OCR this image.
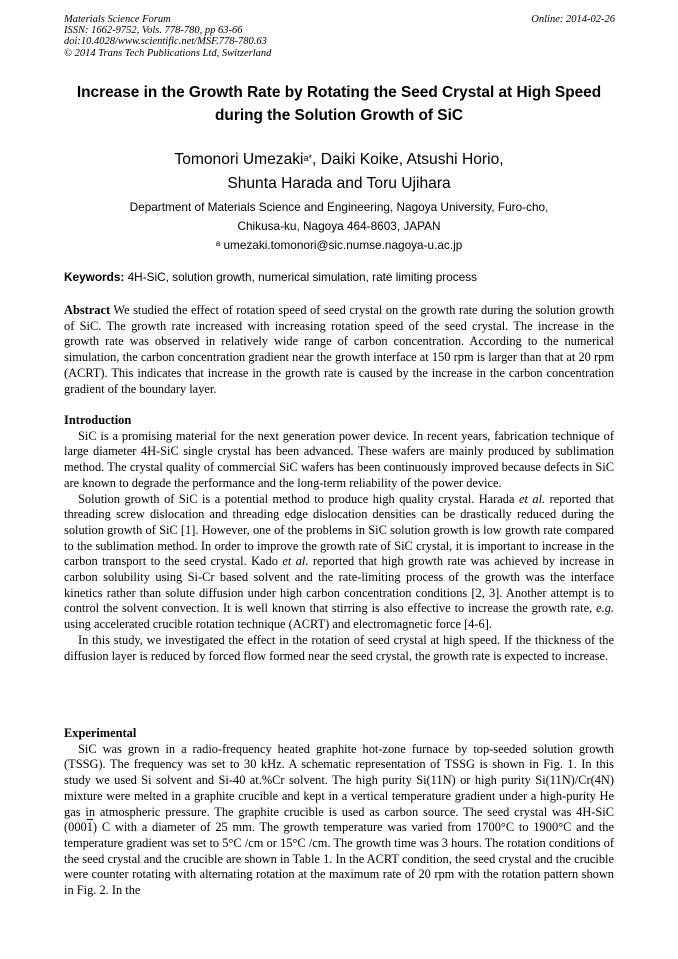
Materials Science Forum
ISSN: 1662-9752, Vols. 778-780, pp 63-66
doi:10.4028/www.scientific.net/MSF.778-780.63
© 2014 Trans Tech Publications Ltd, Switzerland
Online: 2014-02-26
Increase in the Growth Rate by Rotating the Seed Crystal at High Speed
during the Solution Growth of SiC
Tomonori Umezaki$^{a*}$, Daiki Koike, Atsushi Horio,
Shunta Harada and Toru Ujihara
Department of Materials Science and Engineering, Nagoya University, Furo-cho,
Chikusa-ku, Nagoya 464-8603, JAPAN
$^a$ umezaki.tomonori@sic.numse.nagoya-u.ac.jp
Keywords: 4H-SiC, solution growth, numerical simulation, rate limiting process

Abstract We studied the effect of rotation speed of seed crystal on the growth rate during the solution growth of SiC. The growth rate increased with increasing rotation speed of the seed crystal. The increase in the growth rate was observed in relatively wide range of carbon concentration. According to the numerical simulation, the carbon concentration gradient near the growth interface at 150 rpm is larger than that at 20 rpm (ACRT). This indicates that increase in the growth rate is caused by the increase in the carbon concentration gradient of the boundary layer.

Introduction

SiC is a promising material for the next generation power device. In recent years, fabrication technique of large diameter 4H-SiC single crystal has been advanced. These wafers are mainly produced by sublimation method. The crystal quality of commercial SiC wafers has been continuously improved because defects in SiC are known to degrade the performance and the long-term reliability of the power device.

Solution growth of SiC is a potential method to produce high quality crystal. Harada et al. reported that threading screw dislocation and threading edge dislocation densities can be drastically reduced during the solution growth of SiC [1]. However, one of the problems in SiC solution growth is low growth rate compared to the sublimation method. In order to improve the growth rate of SiC crystal, it is important to increase in the carbon transport to the seed crystal. Kado et al. reported that high growth rate was achieved by increase in carbon solubility using Si-Cr based solvent and the rate-limiting process of the growth was the interface kinetics rather than solute diffusion under high carbon concentration conditions [2, 3]. Another attempt is to control the solvent convection. It is well known that stirring is also effective to increase the growth rate, e.g. using accelerated crucible rotation technique (ACRT) and electromagnetic force [4-6].

In this study, we investigated the effect in the rotation of seed crystal at high speed. If the thickness of the diffusion layer is reduced by forced flow formed near the seed crystal, the growth rate is expected to increase.

Experimental

SiC was grown in a radio-frequency heated graphite hot-zone furnace by top-seeded solution growth (TSSG). The frequency was set to 30 kHz. A schematic representation of TSSG is shown in Fig. 1. In this study we used Si solvent and Si-40 at.%Cr solvent. The high purity Si(11N) or high purity Si(11N)/Cr(4N) mixture were melted in a graphite crucible and kept in a vertical temperature gradient under a high-purity He gas in atmospheric pressure. The graphite crucible is used as carbon source. The seed crystal was 4H-SiC (0001) C with a diameter of 25 mm. The growth temperature was varied from 1700°C to 1900°C and the temperature gradient was set to 5°C /cm or 15°C /cm. The growth time was 3 hours. The rotation conditions of the seed crystal and the crucible are shown in Table 1. In the ACRT condition, the seed crystal and the crucible were counter rotating with alternating rotation at the maximum rate of 20 rpm with the rotation pattern shown in Fig. 2. In the
